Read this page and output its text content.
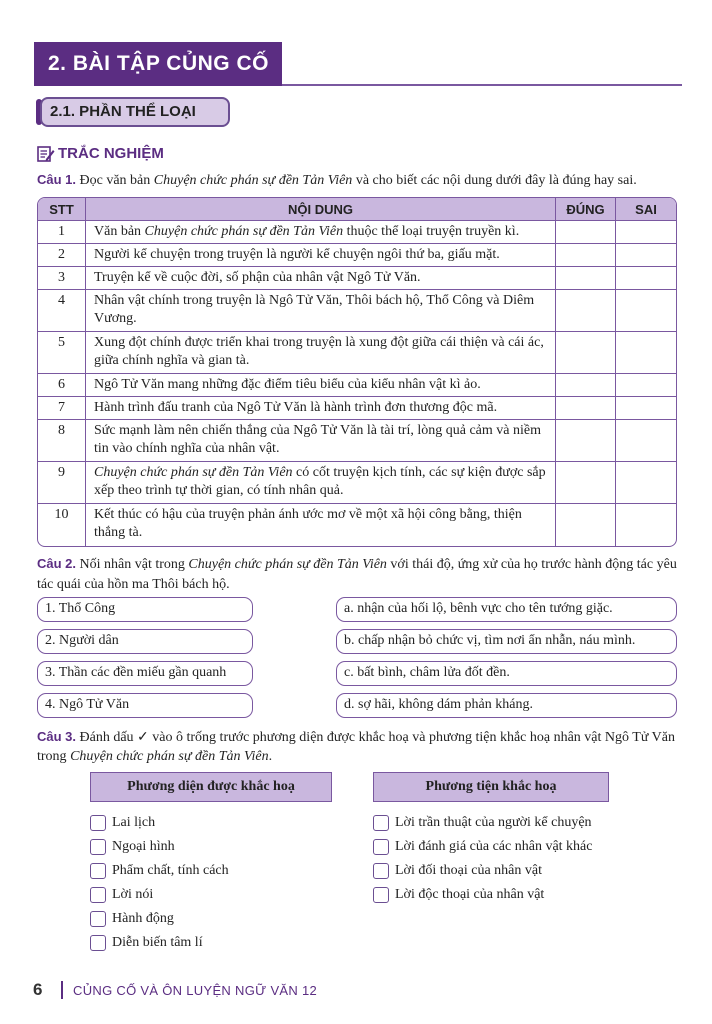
2. BÀI TẬP CỦNG CỐ
2.1. PHẦN THỂ LOẠI
TRẮC NGHIỆM
Câu 1. Đọc văn bản Chuyện chức phán sự đền Tản Viên và cho biết các nội dung dưới đây là đúng hay sai.
STT	NỘI DUNG	ĐÚNG	SAI
1	Văn bản Chuyện chức phán sự đền Tản Viên thuộc thể loại truyện truyền kì.		
2	Người kể chuyện trong truyện là người kể chuyện ngôi thứ ba, giấu mặt.		
3	Truyện kể về cuộc đời, số phận của nhân vật Ngô Tử Văn.		
4	Nhân vật chính trong truyện là Ngô Tử Văn, Thôi bách hộ, Thổ Công và Diêm Vương.		
5	Xung đột chính được triển khai trong truyện là xung đột giữa cái thiện và cái ác, giữa chính nghĩa và gian tà.		
6	Ngô Tử Văn mang những đặc điểm tiêu biểu của kiểu nhân vật kì ảo.		
7	Hành trình đấu tranh của Ngô Tử Văn là hành trình đơn thương độc mã.		
8	Sức mạnh làm nên chiến thắng của Ngô Tử Văn là tài trí, lòng quả cảm và niềm tin vào chính nghĩa của nhân vật.		
9	Chuyện chức phán sự đền Tản Viên có cốt truyện kịch tính, các sự kiện được sắp xếp theo trình tự thời gian, có tính nhân quả.		
10	Kết thúc có hậu của truyện phản ánh ước mơ về một xã hội công bằng, thiện thắng tà.		
Câu 2. Nối nhân vật trong Chuyện chức phán sự đền Tản Viên với thái độ, ứng xử của họ trước hành động tác yêu tác quái của hồn ma Thôi bách hộ.
1. Thổ Công
2. Người dân
3. Thần các đền miếu gần quanh
4. Ngô Tử Văn
a. nhận của hối lộ, bênh vực cho tên tướng giặc.
b. chấp nhận bỏ chức vị, tìm nơi ẩn nhẫn, náu mình.
c. bất bình, châm lửa đốt đền.
d. sợ hãi, không dám phản kháng.
Câu 3. Đánh dấu ✓ vào ô trống trước phương diện được khắc hoạ và phương tiện khắc hoạ nhân vật Ngô Tử Văn trong Chuyện chức phán sự đền Tản Viên.
Phương diện được khắc hoạ	Phương tiện khắc hoạ
Lai lịch
Ngoại hình
Phẩm chất, tính cách
Lời nói
Hành động
Diễn biến tâm lí
Lời trần thuật của người kể chuyện
Lời đánh giá của các nhân vật khác
Lời đối thoại của nhân vật
Lời độc thoại của nhân vật
6 CỦNG CỐ VÀ ÔN LUYỆN NGỮ VĂN 12
